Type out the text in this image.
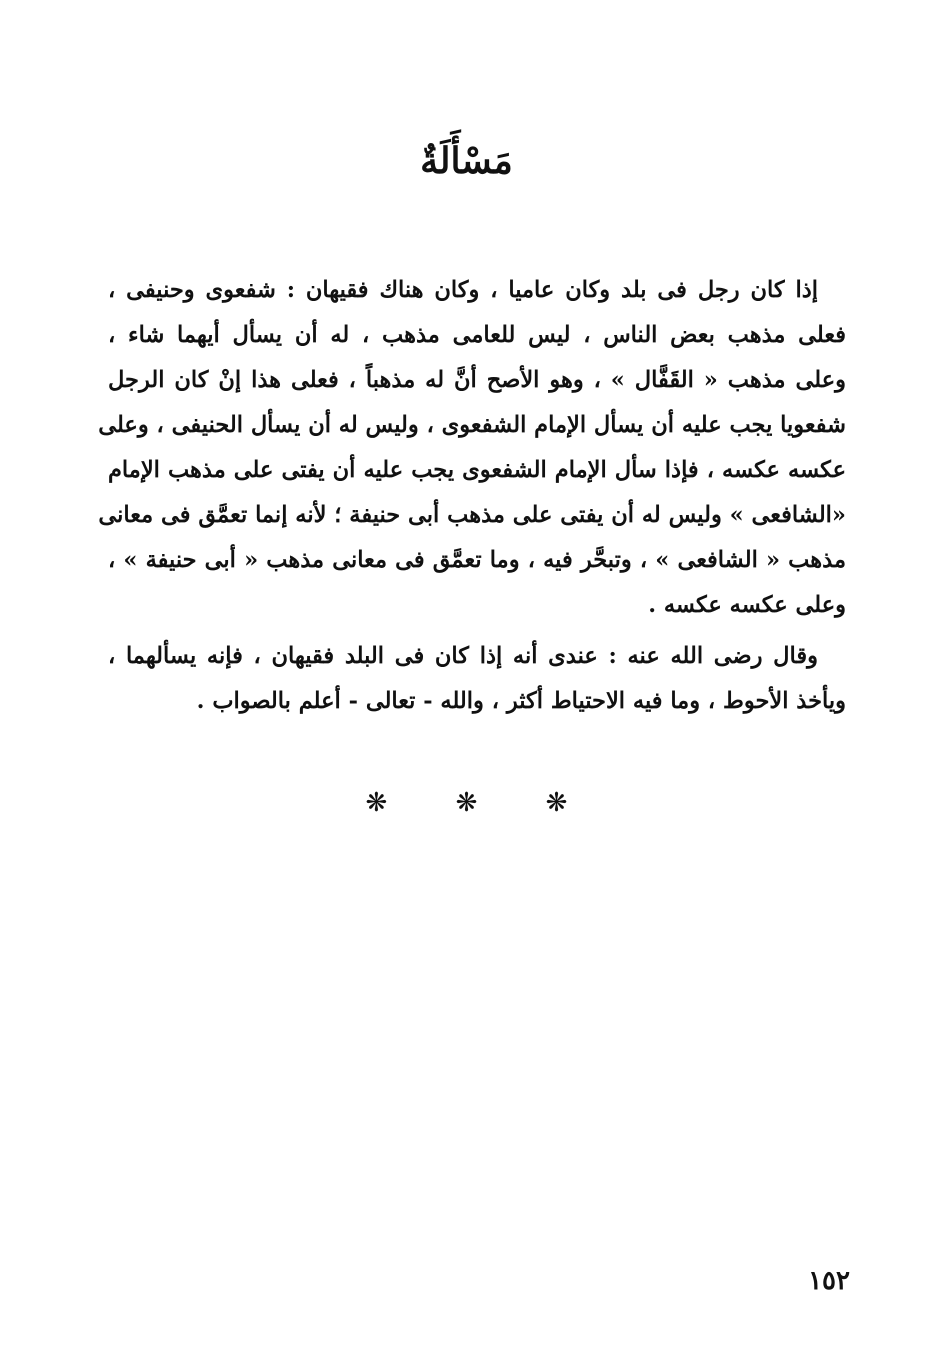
مَسْأَلَةٌ
إذا كان رجل فى بلد وكان عاميا ، وكان هناك فقيهان : شفعوى وحنيفى ،
فعلى مذهب بعض الناس ، ليس للعامى مذهب ، له أن يسأل أيهما شاء ،
وعلى مذهب « القَفَّال » ، وهو الأصح أنَّ له مذهباً ، فعلى هذا إنْ كان الرجل
شفعويا يجب عليه أن يسأل الإمام الشفعوى ، وليس له أن يسأل الحنيفى ، وعلى
عكسه عكسه ، فإذا سأل الإمام الشفعوى يجب عليه أن يفتى على مذهب الإمام
«الشافعى » وليس له أن يفتى على مذهب أبى حنيفة ؛ لأنه إنما تعمَّق فى معانى
مذهب « الشافعى » ، وتبحَّر فيه ، وما تعمَّق فى معانى مذهب « أبى حنيفة » ،
وعلى عكسه عكسه .
وقال رضى الله عنه : عندى أنه إذا كان فى البلد فقيهان ، فإنه يسألهما ،
ويأخذ الأحوط ، وما فيه الاحتياط أكثر ، والله - تعالى - أعلم بالصواب .
❋ ❋ ❋
١٥٢
